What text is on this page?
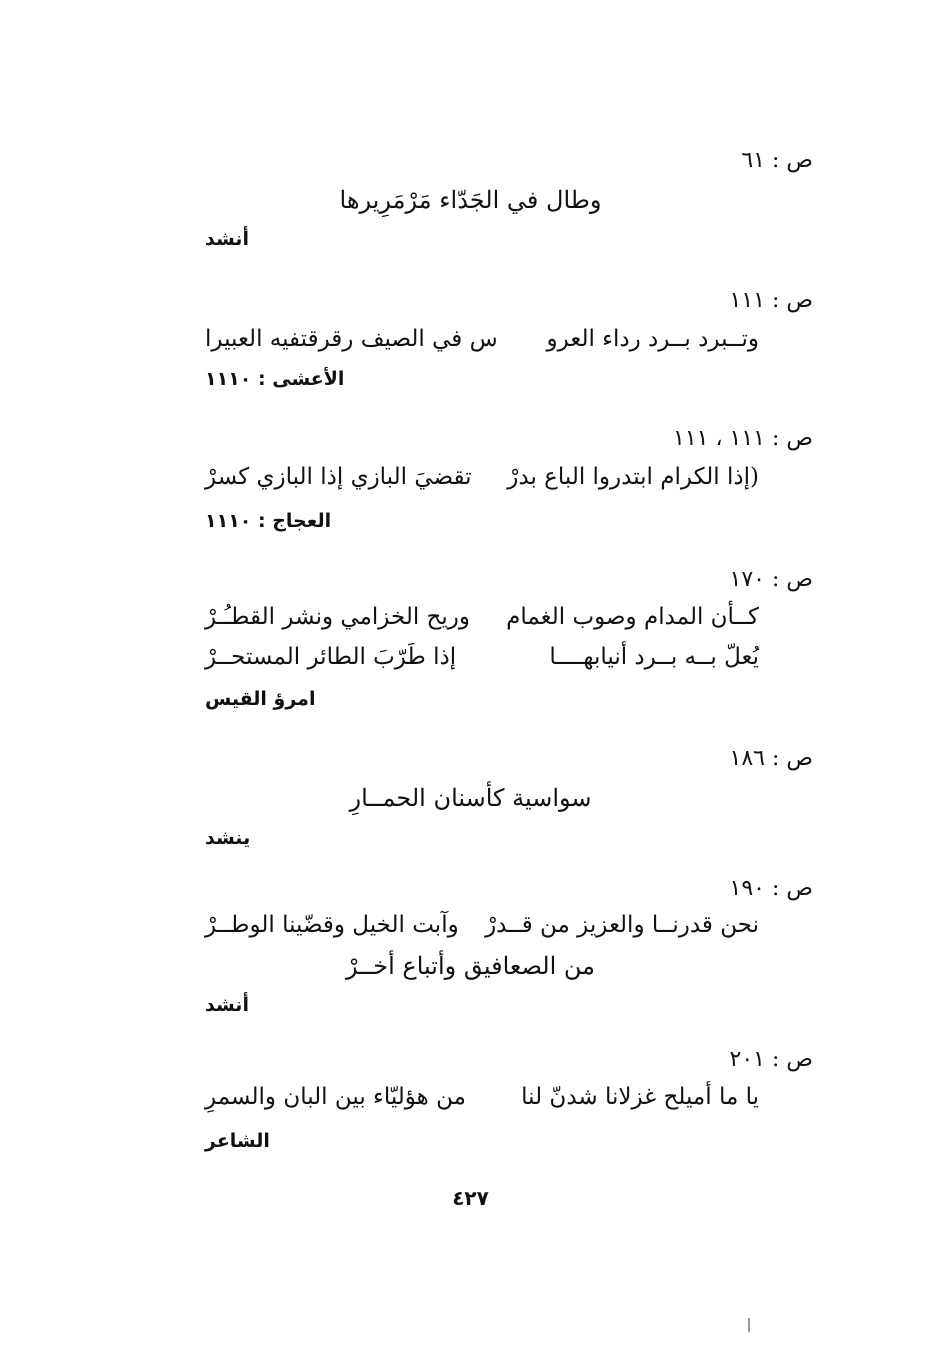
ص : ٦١
وطال في الجَدّاء مَرْمَرِيرها
أنشد
ص : ١١١
وتــبرد بــرد رداء العرو
س في الصيف رقرقتفيه العبيرا
الأعشى : ١١١٠
ص : ١١١ ، ١١١
(إذا الكرام ابتدروا الباع بدرْ
تقضيَ البازي إذا البازي كسرْ
العجاج : ١١١٠
ص : ١٧٠
كــأن المدام وصوب الغمام
وريح الخزامي ونشر القطـُـرْ
يُعلّ بــه بــرد أنيابهــــا
إذا طَرّبَ الطائر المستحــرْ
امرؤ القيس
ص : ١٨٦
سواسية كأسنان الحمــارِ
ينشد
ص : ١٩٠
نحن قدرنــا والعزيز من قــدرْ
وآبت الخيل وقضّينا الوطــرْ
من الصعافيق وأتباع أخــرْ
أنشد
ص : ٢٠١
يا ما أميلح غزلانا شدنّ لنا
من هؤليّاء بين البان والسمرِ
الشاعر
٤٢٧
